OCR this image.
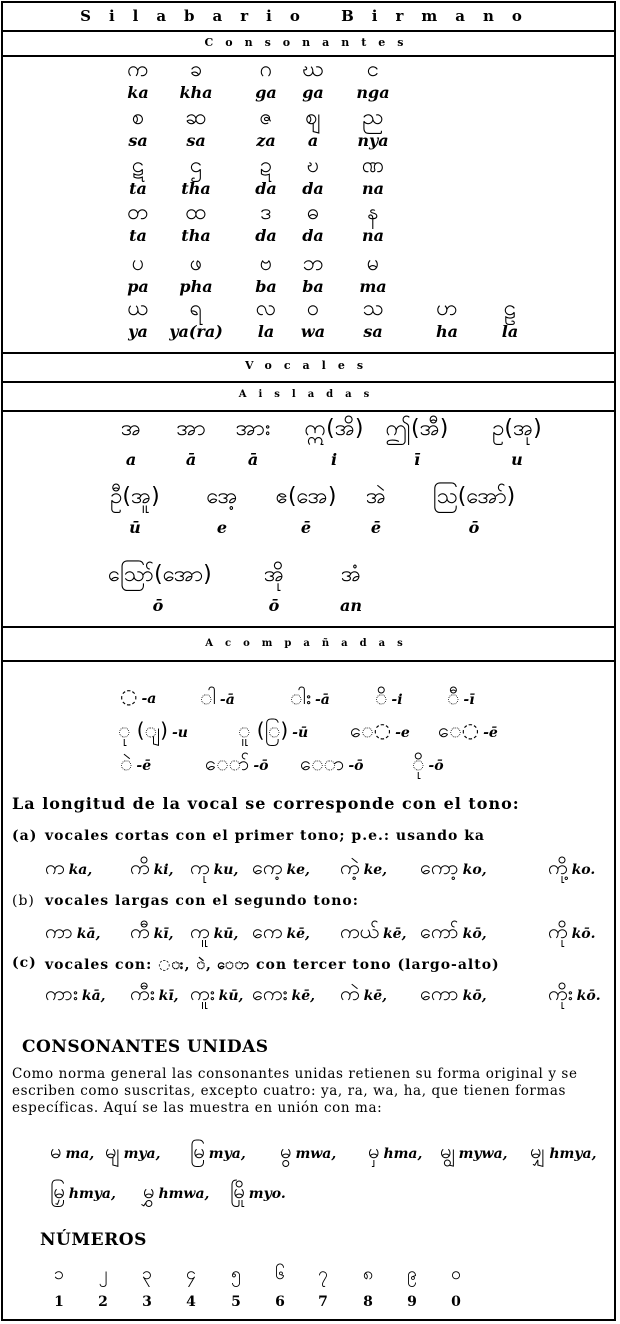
Silabario Birmano
Consonantes
က	ခ	ဂ	ဃ	င
ka	kha	ga	ga	nga
စ	ဆ	ဇ	ဈ	ည
sa	sa	za	a	nya
ဋ	ဌ	ဍ	ဎ	ဏ
ta	tha	da	da	na
တ	ထ	ဒ	ဓ	န
ta	tha	da	da	na
ပ	ဖ	ဗ	ဘ	မ
pa	pha	ba	ba	ma
ယ	ရ	လ	ဝ	သ	ဟ	ဠ
ya	ya(ra)	la	wa	sa	ha	la
Vocales
Aisladas
အ	အာ	အား	ဣ(အိ)	ဤ(အီ)	ဥ(အု)
a	ā	ā	i	ī	u
ဦ(အူ)	အေ့	ဧ(အေ)	အဲ	ဩ(အော်)
ū	e	ē	ē	ō
ဪ(အော)	အို	အံ
ō	ō	an
Acompañadas
◌ -a ◌ါ -ā	◌ါး -ā ◌ိ -i ◌ီ -ī
◌ု (◌ျ) -u	◌ူ (◌ြ) -ū ေ◌ -e ေ◌ -ē
◌ဲ -ē	ေ◌ာ် -ō ေ◌ာ -ō ◌ို -ō
La longitud de la vocal se corresponde con el tono:
(a) vocales cortas con el primer tono; p.e.: usando ka
က ka, ကိ ki, ကု ku, ကေ့ ke, ကဲ့ ke, ကော့ ko,	ကို့ ko.
(b) vocales largas con el segundo tono:
ကာ kā, ကီ kī, ကူ kū, ကေ kē, ကယ် kē, ကော် kō,	ကို kō.
(c) vocales con: ◌း, ◌ဲ, ေ◌ာ con tercer tono (largo-alto)
ကား kā, ကီး kī, ကူး kū, ကေး kē, ကဲ kē, ကော kō,	ကိုး kō.
CONSONANTES UNIDAS
Como norma general las consonantes unidas retienen su forma original y se escriben como suscritas, excepto cuatro: ya, ra, wa, ha, que tienen formas específicas. Aquí se las muestra en unión con ma:
မ ma, မျ mya, မြ mya, မွ mwa, မှ hma, မျွ mywa, မျှ hmya,
မြှ hmya, မွှ hmwa, မြို myo.
NÚMEROS
၁	၂	၃	၄	၅	၆	၇	၈	၉	၀
1	2	3	4	5	6	7	8	9	0
